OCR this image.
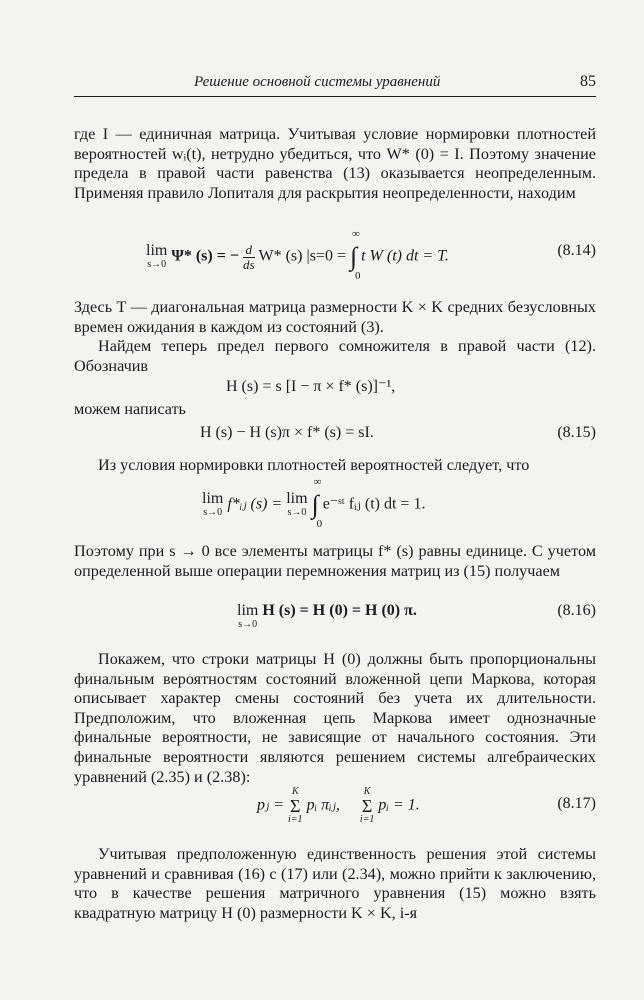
Решение основной системы уравнений	85
где I — единичная матрица. Учитывая условие нормировки плотностей вероятностей wᵢ(t), нетрудно убедиться, что W* (0) = I. Поэтому значение предела в правой части равенства (13) оказывается неопределенным. Применяя правило Лопиталя для раскрытия неопределенности, находим
lim
s→0 Ψ* (s) = − $\frac{d}{ds} W*$ (s) |s=0 = ∫
∞
0
t W (t) dt = T.	(8.14)
Здесь T — диагональная матрица размерности K × K средних безусловных времен ожидания в каждом из состояний (3).
Найдем теперь предел первого сомножителя в правой части (12). Обозначив
H (s) = s [I − π × f* (s)]⁻¹,
можем написать
H (s) − H (s)π × f* (s) = sI.	(8.15)
Из условия нормировки плотностей вероятностей следует, что
lim
s→0 f*ᵢⱼ (s) = lim
s→0 ∫
∞
0
e⁻ˢᵗ fᵢⱼ (t) dt = 1.
Поэтому при s → 0 все элементы матрицы f* (s) равны единице. С учетом определенной выше операции перемножения матриц из (15) получаем
lim
s→0
H (s) = H (0) = H (0) π.	(8.16)
Покажем, что строки матрицы H (0) должны быть пропорциональны финальным вероятностям состояний вложенной цепи Маркова, которая описывает характер смены состояний без учета их длительности. Предположим, что вложенная цепь Маркова имеет однозначные финальные вероятности, не зависящие от начального состояния. Эти финальные вероятности являются решением системы алгебраических уравнений (2.35) и (2.38):
pⱼ =
K
Σ
i=1
pᵢ πᵢⱼ,
K
Σ
i=1
pᵢ = 1.	(8.17)
Учитывая предположенную единственность решения этой системы уравнений и сравнивая (16) с (17) или (2.34), можно прийти к заключению, что в качестве решения матричного уравнения (15) можно взять квадратную матрицу H (0) размерности K × K, i-я
